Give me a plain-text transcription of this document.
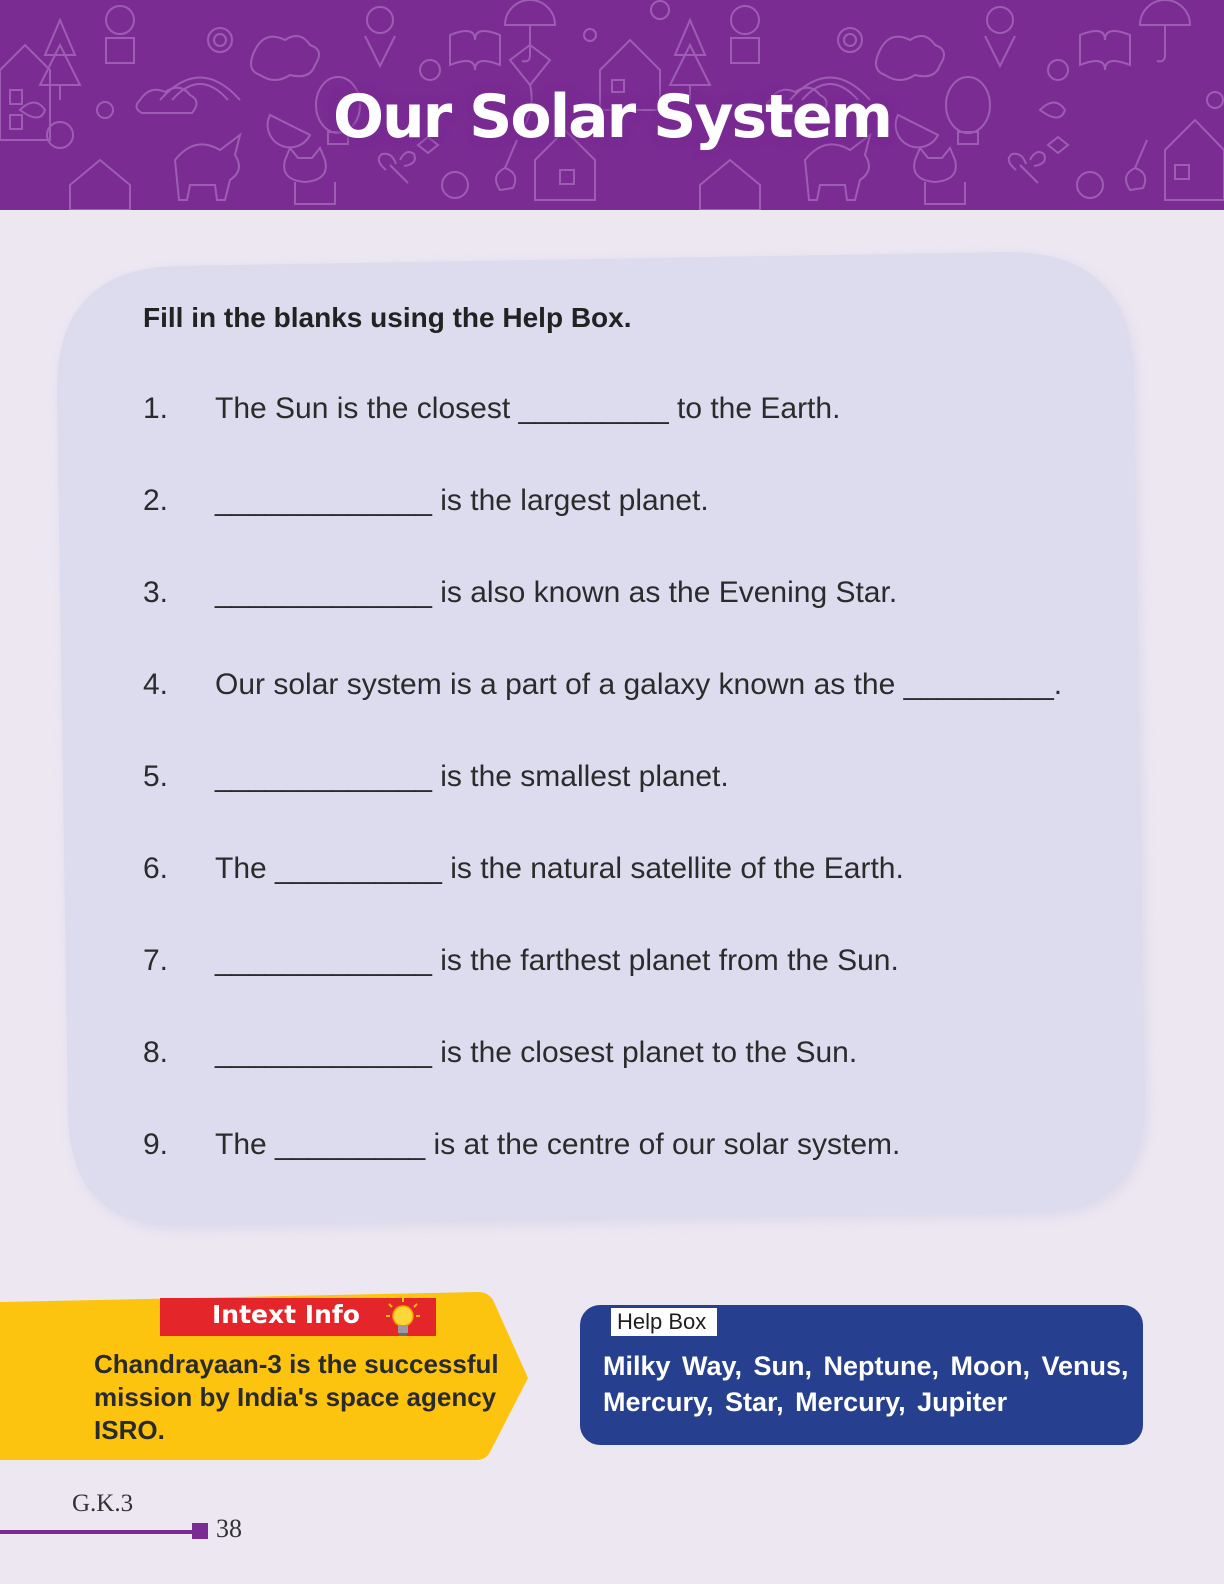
Our Solar System
Fill in the blanks using the Help Box.
1. The Sun is the closest _________ to the Earth.
2. _____________ is the largest planet.
3. _____________ is also known as the Evening Star.
4. Our solar system is a part of a galaxy known as the _________.
5. _____________ is the smallest planet.
6. The __________ is the natural satellite of the Earth.
7. _____________ is the farthest planet from the Sun.
8. _____________ is the closest planet to the Sun.
9. The _________ is at the centre of our solar system.
Intext Info
Chandrayaan-3 is the successful mission by India's space agency ISRO.
Help Box
Milky Way, Sun, Neptune, Moon, Venus, Mercury, Star, Mercury, Jupiter
G.K.3
38
